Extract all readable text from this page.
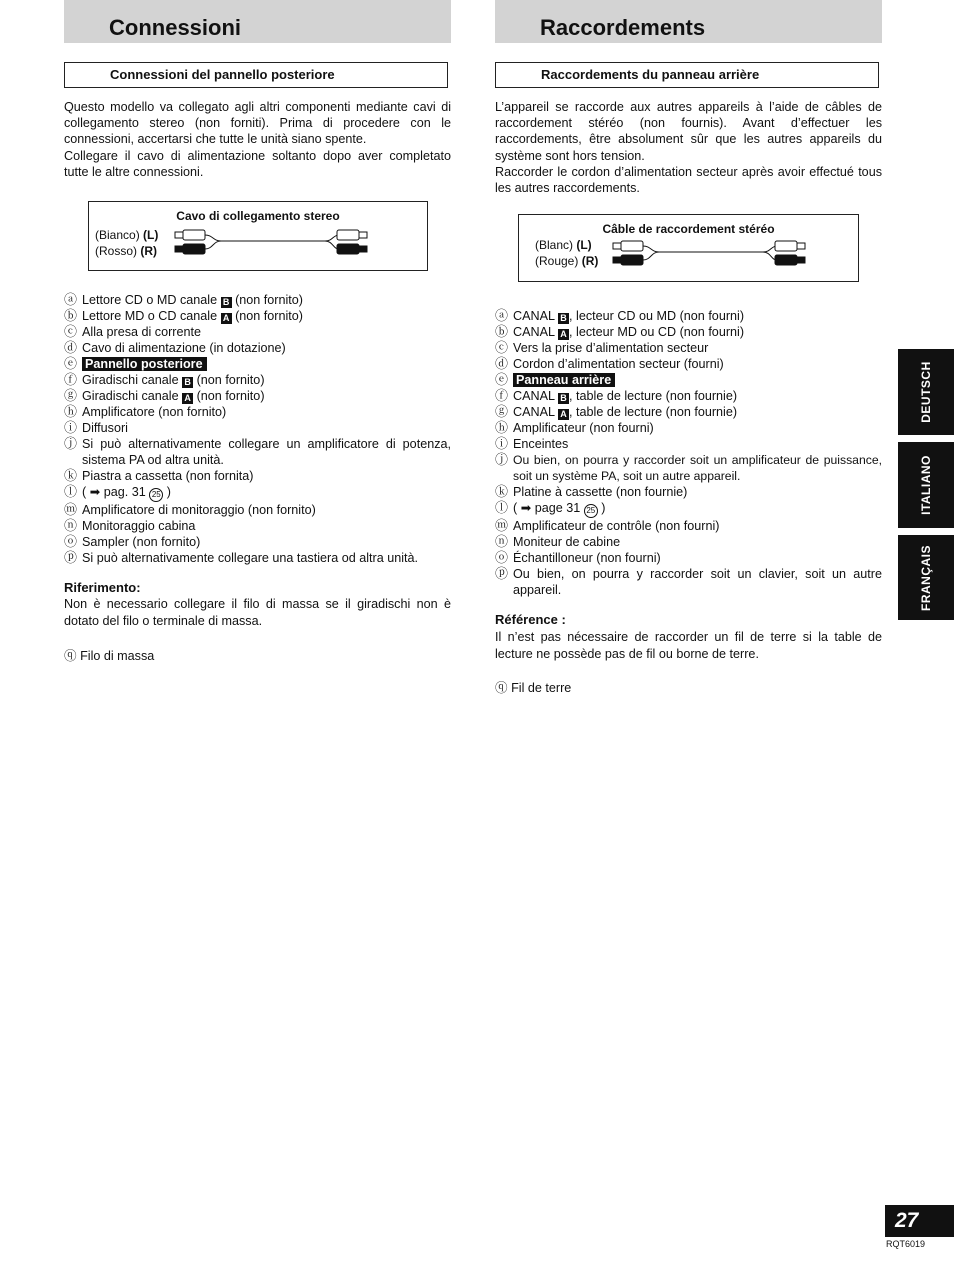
Connessioni
Connessioni del pannello posteriore

Questo modello va collegato agli altri componenti mediante cavi di collegamento stereo (non forniti). Prima di procedere con le connessioni, accertarsi che tutte le unità siano spente.

Collegare il cavo di alimentazione soltanto dopo aver completato tutte le altre connessioni.

Cavo di collegamento stereo
(Bianco) (L)
(Rosso) (R)
ⓐ Lettore CD o MD canale B (non fornito)
ⓑ Lettore MD o CD canale A (non fornito)
ⓒ Alla presa di corrente
ⓓ Cavo di alimentazione (in dotazione)
ⓔ Pannello posteriore
ⓕ Giradischi canale B (non fornito)
ⓖ Giradischi canale A (non fornito)
ⓗ Amplificatore (non fornito)
ⓘ Diffusori
ⓙ Si può alternativamente collegare un amplificatore di potenza, sistema PA od altra unità.
ⓚ Piastra a cassetta (non fornita)
ⓛ ( ➡ pag. 31 25 )
ⓜ Amplificatore di monitoraggio (non fornito)
ⓝ Monitoraggio cabina
ⓞ Sampler (non fornito)
ⓟ Si può alternativamente collegare una tastiera od altra unità.
Riferimento:

Non è necessario collegare il filo di massa se il giradischi non è dotato del filo o terminale di massa.

ⓠ Filo di massa
Raccordements
Raccordements du panneau arrière

L’appareil se raccorde aux autres appareils à l’aide de câbles de raccordement stéréo (non fournis). Avant d’effectuer les raccordements, être absolument sûr que les autres appareils du système sont hors tension.

Raccorder le cordon d’alimentation secteur après avoir effectué tous les autres raccordements.

Câble de raccordement stéréo
(Blanc) (L)
(Rouge) (R)
ⓐ CANAL B , lecteur CD ou MD (non fourni)
ⓑ CANAL A , lecteur MD ou CD (non fourni)
ⓒ Vers la prise d’alimentation secteur
ⓓ Cordon d’alimentation secteur (fourni)
ⓔ Panneau arrière
ⓕ CANAL B , table de lecture (non fournie)
ⓖ CANAL A , table de lecture (non fournie)
ⓗ Amplificateur (non fourni)
ⓘ Enceintes
ⓙ Ou bien, on pourra y raccorder soit un amplificateur de puissance, soit un système PA, soit un autre appareil.
ⓚ Platine à cassette (non fournie)
ⓛ ( ➡ page 31 25 )
ⓜ Amplificateur de contrôle (non fourni)
ⓝ Moniteur de cabine
ⓞ Échantilloneur (non fourni)
ⓟ Ou bien, on pourra y raccorder soit un clavier, soit un autre appareil.
Référence :

Il n’est pas nécessaire de raccorder un fil de terre si la table de lecture ne possède pas de fil ou borne de terre.

ⓠ Fil de terre
DEUTSCH
ITALIANO
FRANÇAIS
27
RQT6019
